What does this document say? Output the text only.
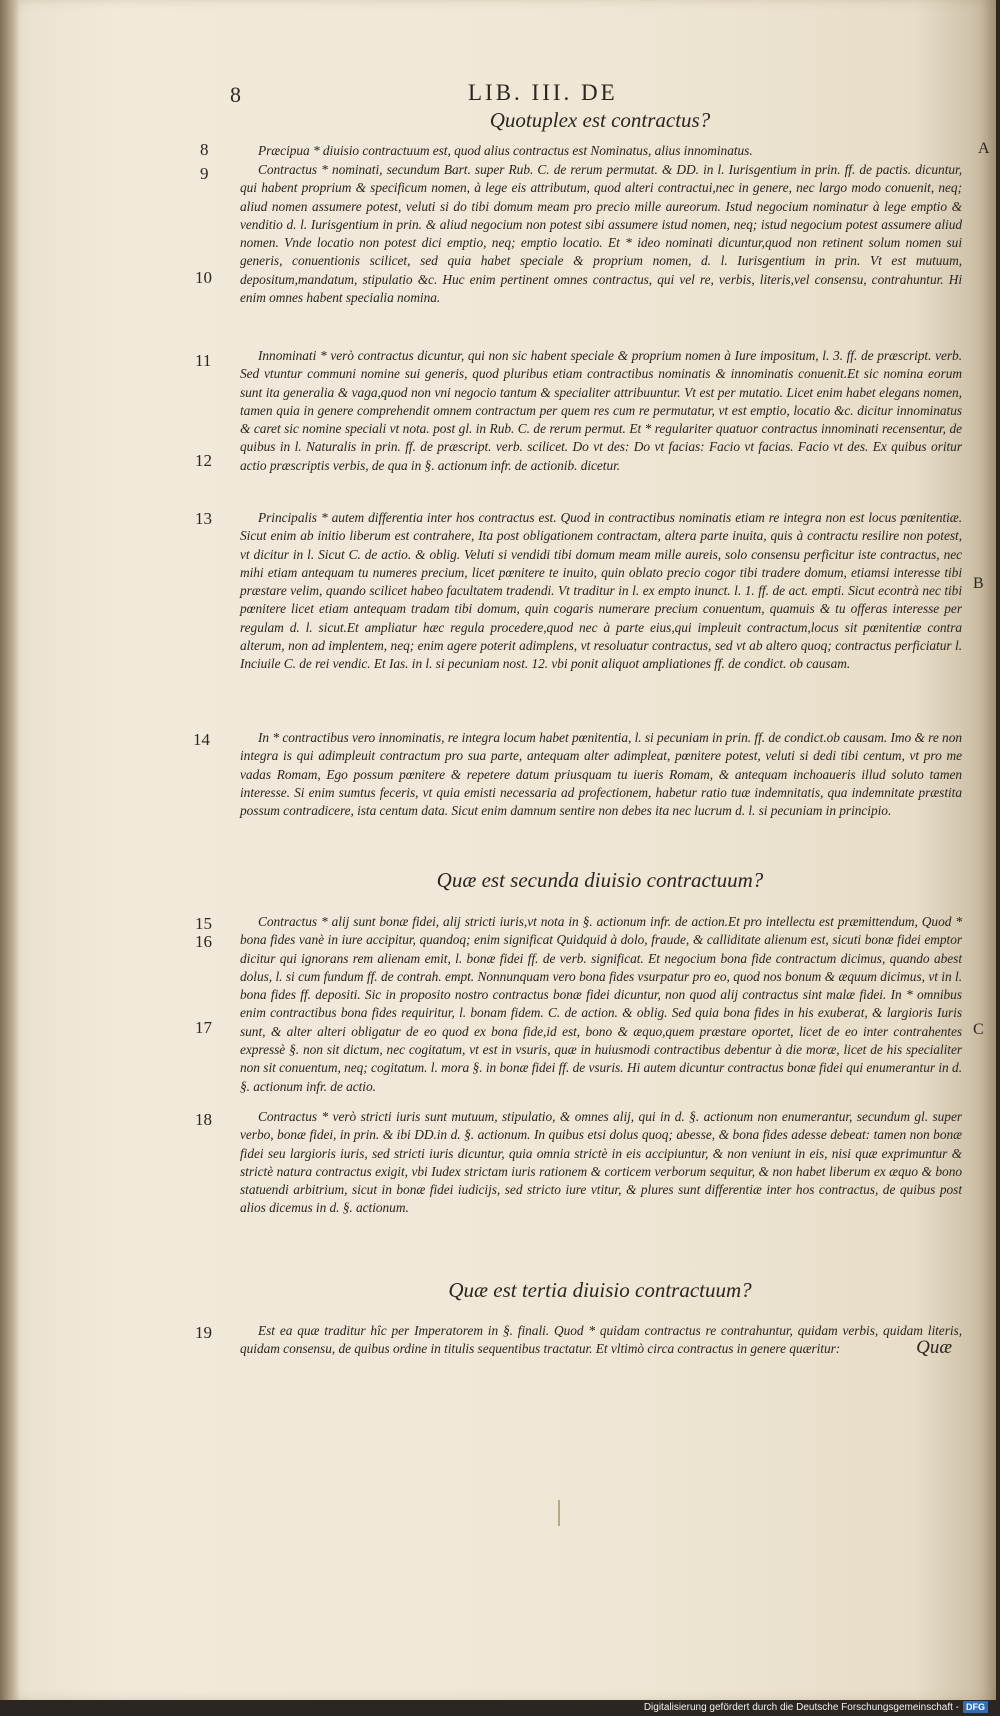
8	LIB. III. DE
Quotuplex est contractus?

Præcipua * diuisio contractuum est, quod alius contractus est Nominatus, alius innominatus.

Contractus * nominati, secundum Bart. super Rub. C. de rerum permutat. & DD. in l. Iurisgentium in prin. ff. de pactis. dicuntur, qui habent proprium & specificum nomen, à lege eis attributum, quod alteri contractui,nec in genere, nec largo modo conuenit, neq; aliud nomen assumere potest, veluti si do tibi domum meam pro precio mille aureorum. Istud negocium nominatur à lege emptio & venditio d. l. Iurisgentium in prin. & aliud negocium non potest sibi assumere istud nomen, neq; istud negocium potest assumere aliud nomen. Vnde locatio non potest dici emptio, neq; emptio locatio. Et * ideo nominati dicuntur,quod non retinent solum nomen sui generis, conuentionis scilicet, sed quia habet speciale & proprium nomen, d. l. Iurisgentium in prin. Vt est mutuum, depositum,mandatum, stipulatio &c. Huc enim pertinent omnes contractus, qui vel re, verbis, literis,vel consensu, contrahuntur. Hi enim omnes habent specialia nomina.

Innominati * verò contractus dicuntur, qui non sic habent speciale & proprium nomen à Iure impositum, l. 3. ff. de præscript. verb. Sed vtuntur communi nomine sui generis, quod pluribus etiam contractibus nominatis & innominatis conuenit.Et sic nomina eorum sunt ita generalia & vaga,quod non vni negocio tantum & specialiter attribuuntur. Vt est per mutatio. Licet enim habet elegans nomen, tamen quia in genere comprehendit omnem contractum per quem res cum re permutatur, vt est emptio, locatio &c. dicitur innominatus & caret sic nomine speciali vt nota. post gl. in Rub. C. de rerum permut. Et * regulariter quatuor contractus innominati recensentur, de quibus in l. Naturalis in prin. ff. de præscript. verb. scilicet. Do vt des: Do vt facias: Facio vt facias. Facio vt des. Ex quibus oritur actio præscriptis verbis, de qua in §. actionum infr. de actionib. dicetur.

Principalis * autem differentia inter hos contractus est. Quod in contractibus nominatis etiam re integra non est locus pœnitentiæ. Sicut enim ab initio liberum est contrahere, Ita post obligationem contractam, altera parte inuita, quis à contractu resilire non potest, vt dicitur in l. Sicut C. de actio. & oblig. Veluti si vendidi tibi domum meam mille aureis, solo consensu perficitur iste contractus, nec mihi etiam antequam tu numeres precium, licet pœnitere te inuito, quin oblato precio cogor tibi tradere domum, etiamsi interesse tibi præstare velim, quando scilicet habeo facultatem tradendi. Vt traditur in l. ex empto inunct. l. 1. ff. de act. empti. Sicut econtrà nec tibi pœnitere licet etiam antequam tradam tibi domum, quin cogaris numerare precium conuentum, quamuis & tu offeras interesse per regulam d. l. sicut.Et ampliatur hæc regula procedere,quod nec à parte eius,qui impleuit contractum,locus sit pœnitentiæ contra alterum, non ad implentem, neq; enim agere poterit adimplens, vt resoluatur contractus, sed vt ab altero quoq; contractus perficiatur l. Inciuile C. de rei vendic. Et Ias. in l. si pecuniam nost. 12. vbi ponit aliquot ampliationes ff. de condict. ob causam.

In * contractibus vero innominatis, re integra locum habet pœnitentia, l. si pecuniam in prin. ff. de condict.ob causam. Imo & re non integra is qui adimpleuit contractum pro sua parte, antequam alter adimpleat, pœnitere potest, veluti si dedi tibi centum, vt pro me vadas Romam, Ego possum pœnitere & repetere datum priusquam tu iueris Romam, & antequam inchoaueris illud soluto tamen interesse. Si enim sumtus feceris, vt quia emisti necessaria ad profectionem, habetur ratio tuæ indemnitatis, qua indemnitate præstita possum contradicere, ista centum data. Sicut enim damnum sentire non debes ita nec lucrum d. l. si pecuniam in principio.

Quæ est secunda diuisio contractuum?

Contractus * alij sunt bonæ fidei, alij stricti iuris,vt nota in §. actionum infr. de action.Et pro intellectu est præmittendum, Quod * bona fides vanè in iure accipitur, quandoq; enim significat Quidquid à dolo, fraude, & calliditate alienum est, sicuti bonæ fidei emptor dicitur qui ignorans rem alienam emit, l. bonæ fidei ff. de verb. significat. Et negocium bona fide contractum dicimus, quando abest dolus, l. si cum fundum ff. de contrah. empt. Nonnunquam vero bona fides vsurpatur pro eo, quod nos bonum & æquum dicimus, vt in l. bona fides ff. depositi. Sic in proposito nostro contractus bonæ fidei dicuntur, non quod alij contractus sint malæ fidei. In * omnibus enim contractibus bona fides requiritur, l. bonam fidem. C. de action. & oblig. Sed quia bona fides in his exuberat, & largioris Iuris sunt, & alter alteri obligatur de eo quod ex bona fide,id est, bono & æquo,quem præstare oportet, licet de eo inter contrahentes expressè §. non sit dictum, nec cogitatum, vt est in vsuris, quæ in huiusmodi contractibus debentur à die moræ, licet de his specialiter non sit conuentum, neq; cogitatum. l. mora §. in bonæ fidei ff. de vsuris. Hi autem dicuntur contractus bonæ fidei qui enumerantur in d. §. actionum infr. de actio.

Contractus * verò stricti iuris sunt mutuum, stipulatio, & omnes alij, qui in d. §. actionum non enumerantur, secundum gl. super verbo, bonæ fidei, in prin. & ibi DD.in d. §. actionum. In quibus etsi dolus quoq; abesse, & bona fides adesse debeat: tamen non bonæ fidei seu largioris iuris, sed stricti iuris dicuntur, quia omnia strictè in eis accipiuntur, & non veniunt in eis, nisi quæ exprimuntur & strictè natura contractus exigit, vbi Iudex strictam iuris rationem & corticem verborum sequitur, & non habet liberum ex æquo & bono statuendi arbitrium, sicut in bonæ fidei iudicijs, sed stricto iure vtitur, & plures sunt differentiæ inter hos contractus, de quibus post alios dicemus in d. §. actionum.

Quæ est tertia diuisio contractuum?

Est ea quæ traditur hîc per Imperatorem in §. finali. Quod * quidam contractus re contrahuntur, quidam verbis, quidam literis, quidam consensu, de quibus ordine in titulis sequentibus tractatur. Et vltimò circa contractus in genere quæritur:	Quæ
8
9
10
11
12
13
14
15
16
17
18
19
A
B
C
Digitalisierung gefördert durch die Deutsche Forschungsgemeinschaft - DFG
